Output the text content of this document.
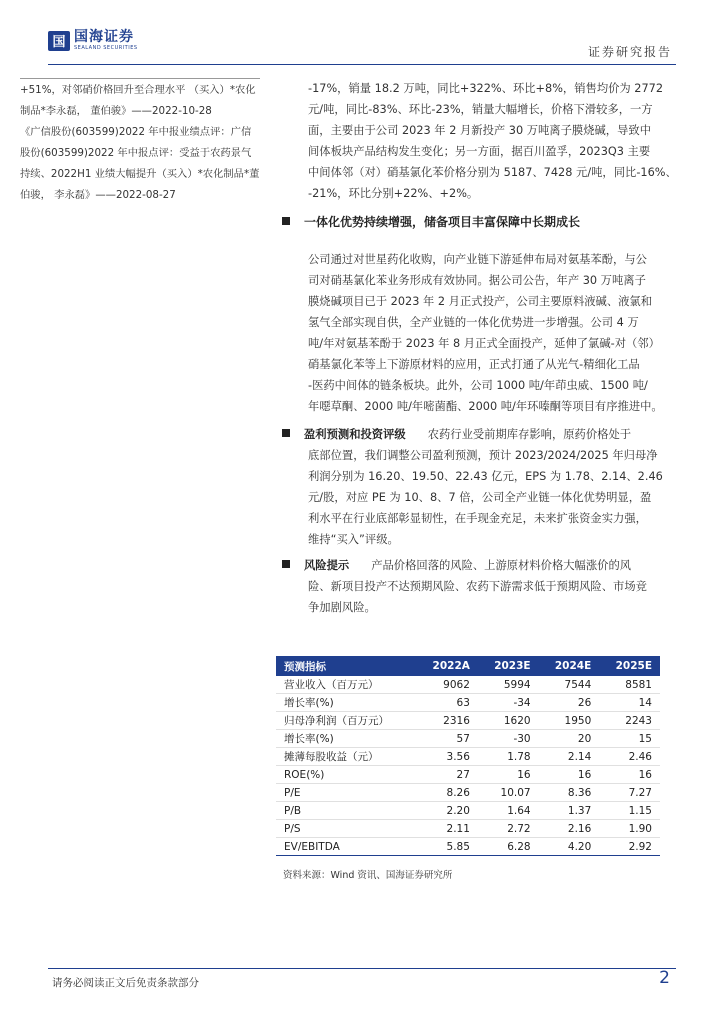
国 国海证券
SEALAND SECURITIES	证券研究报告
+51%，对邻硝价格回升至合理水平 （买入）*农化
制品*李永磊， 董伯骏》——2022-10-28
《广信股份(603599)2022 年中报业绩点评：广信
股份(603599)2022 年中报点评：受益于农药景气
持续、2022H1 业绩大幅提升（买入）*农化制品*董
伯骏， 李永磊》——2022-08-27
-17%，销量 18.2 万吨，同比+322%、环比+8%，销售均价为 2772
元/吨，同比-83%、环比-23%，销量大幅增长，价格下滑较多，一方
面，主要由于公司 2023 年 2 月新投产 30 万吨离子膜烧碱，导致中
间体板块产品结构发生变化；另一方面，据百川盈孚，2023Q3 主要
中间体邻（对）硝基氯化苯价格分别为 5187、7428 元/吨，同比-16%、
-21%，环比分别+22%、+2%。
一体化优势持续增强，储备项目丰富保障中长期成长
公司通过对世星药化收购，向产业链下游延伸布局对氨基苯酚，与公
司对硝基氯化苯业务形成有效协同。据公司公告，年产 30 万吨离子
膜烧碱项目已于 2023 年 2 月正式投产，公司主要原料液碱、液氯和
氢气全部实现自供，全产业链的一体化优势进一步增强。公司 4 万
吨/年对氨基苯酚于 2023 年 8 月正式全面投产，延伸了氯碱-对（邻）
硝基氯化苯等上下游原材料的应用，正式打通了从光气-精细化工品
-医药中间体的链条板块。此外，公司 1000 吨/年茚虫威、1500 吨/
年噁草酮、2000 吨/年嘧菌酯、2000 吨/年环嗪酮等项目有序推进中。
盈利预测和投资评级 农药行业受前期库存影响，原药价格处于
底部位置，我们调整公司盈利预测，预计 2023/2024/2025 年归母净
利润分别为 16.20、19.50、22.43 亿元，EPS 为 1.78、2.14、2.46
元/股，对应 PE 为 10、8、7 倍，公司全产业链一体化优势明显，盈
利水平在行业底部彰显韧性，在手现金充足，未来扩张资金实力强，
维持“买入”评级。
风险提示 产品价格回落的风险、上游原材料价格大幅涨价的风
险、新项目投产不达预期风险、农药下游需求低于预期风险、市场竞
争加剧风险。
预测指标	2022A	2023E	2024E	2025E
营业收入（百万元）	9062	5994	7544	8581
增长率(%)	63	-34	26	14
归母净利润（百万元）	2316	1620	1950	2243
增长率(%)	57	-30	20	15
摊薄每股收益（元）	3.56	1.78	2.14	2.46
ROE(%)	27	16	16	16
P/E	8.26	10.07	8.36	7.27
P/B	2.20	1.64	1.37	1.15
P/S	2.11	2.72	2.16	1.90
EV/EBITDA	5.85	6.28	4.20	2.92
资料来源：Wind 资讯、国海证券研究所
请务必阅读正文后免责条款部分	2
